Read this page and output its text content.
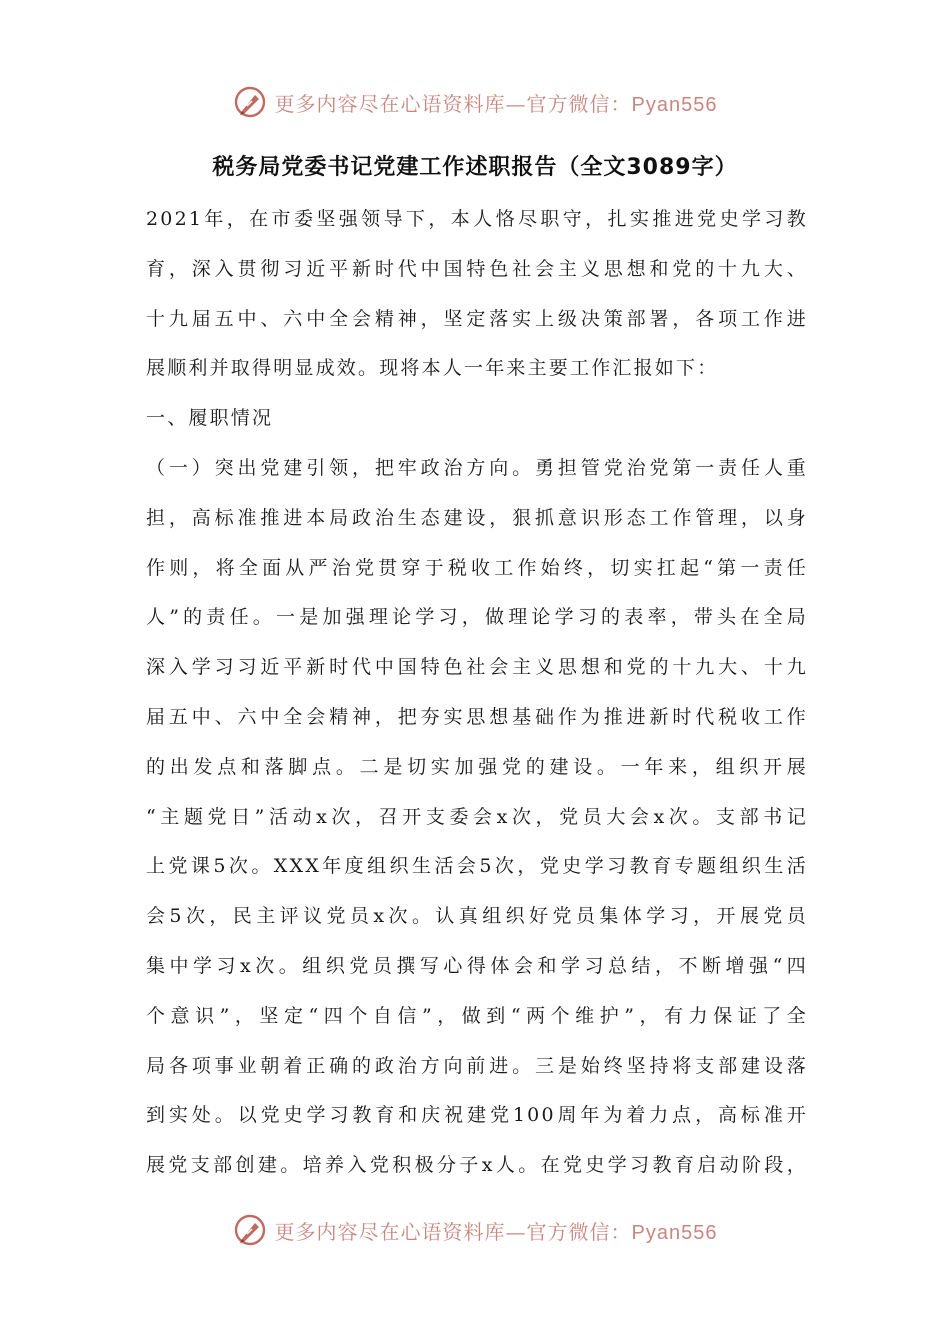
更多内容尽在心语资料库—官方微信：Pyan556
税务局党委书记党建工作述职报告（全文3089字）
2021年，在市委坚强领导下，本人恪尽职守，扎实推进党史学习教
育，深入贯彻习近平新时代中国特色社会主义思想和党的十九大、
十九届五中、六中全会精神，坚定落实上级决策部署，各项工作进
展顺利并取得明显成效。现将本人一年来主要工作汇报如下：
一、履职情况
（一）突出党建引领，把牢政治方向。勇担管党治党第一责任人重
担，高标准推进本局政治生态建设，狠抓意识形态工作管理，以身
作则，将全面从严治党贯穿于税收工作始终，切实扛起“第一责任
人”的责任。一是加强理论学习，做理论学习的表率，带头在全局
深入学习习近平新时代中国特色社会主义思想和党的十九大、十九
届五中、六中全会精神，把夯实思想基础作为推进新时代税收工作
的出发点和落脚点。二是切实加强党的建设。一年来，组织开展
“主题党日”活动x次，召开支委会x次，党员大会x次。支部书记
上党课5次。XXX年度组织生活会5次，党史学习教育专题组织生活
会5次，民主评议党员x次。认真组织好党员集体学习，开展党员
集中学习x次。组织党员撰写心得体会和学习总结，不断增强“四
个意识”，坚定“四个自信”，做到“两个维护”，有力保证了全
局各项事业朝着正确的政治方向前进。三是始终坚持将支部建设落
到实处。以党史学习教育和庆祝建党100周年为着力点，高标准开
展党支部创建。培养入党积极分子x人。在党史学习教育启动阶段，
更多内容尽在心语资料库—官方微信：Pyan556
